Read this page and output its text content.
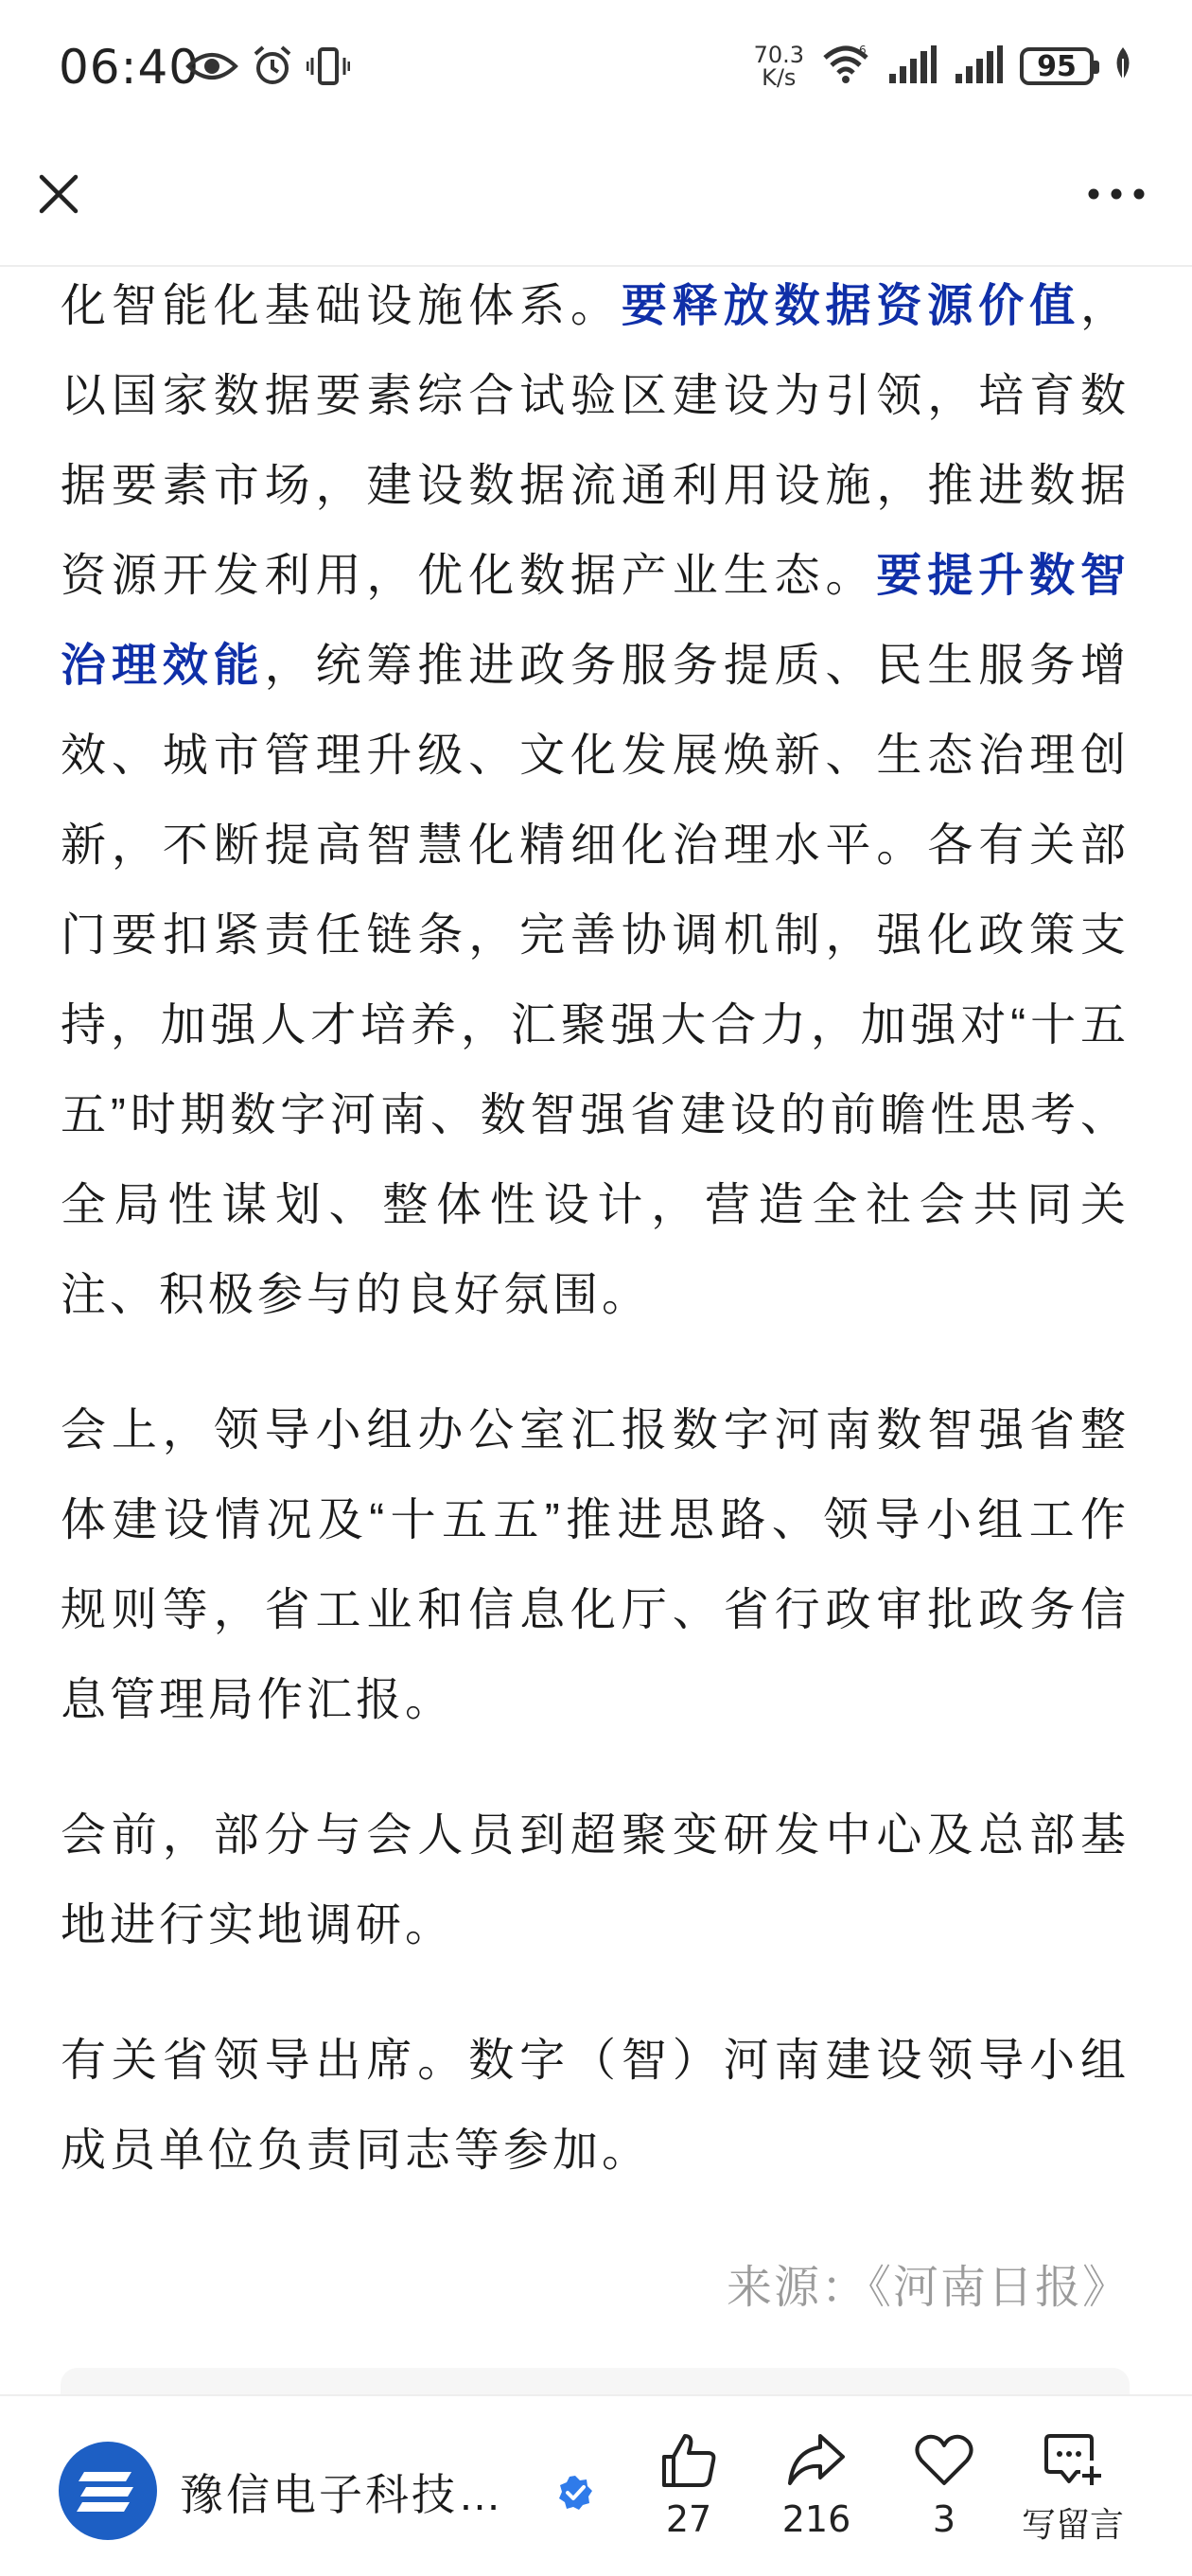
06:40	70.3
K/s
6	95

化智能化基础设施体系。要释放数据资源价值，以国家数据要素综合试验区建设为引领，培育数据要素市场，建设数据流通利用设施，推进数据资源开发利用，优化数据产业生态。要提升数智治理效能，统筹推进政务服务提质、民生服务增效、城市管理升级、文化发展焕新、生态治理创新，不断提高智慧化精细化治理水平。各有关部门要扣紧责任链条，完善协调机制，强化政策支持，加强人才培养，汇聚强大合力，加强对“十五五”时期数字河南、数智强省建设的前瞻性思考、全局性谋划、整体性设计，营造全社会共同关注、积极参与的良好氛围。

会上，领导小组办公室汇报数字河南数智强省整体建设情况及“十五五”推进思路、领导小组工作规则等，省工业和信息化厅、省行政审批政务信息管理局作汇报。

会前，部分与会人员到超聚变研发中心及总部基地进行实地调研。

有关省领导出席。数字（智）河南建设领导小组成员单位负责同志等参加。

来源：《河南日报》
豫信电子科技…	27 216 3 写留言
